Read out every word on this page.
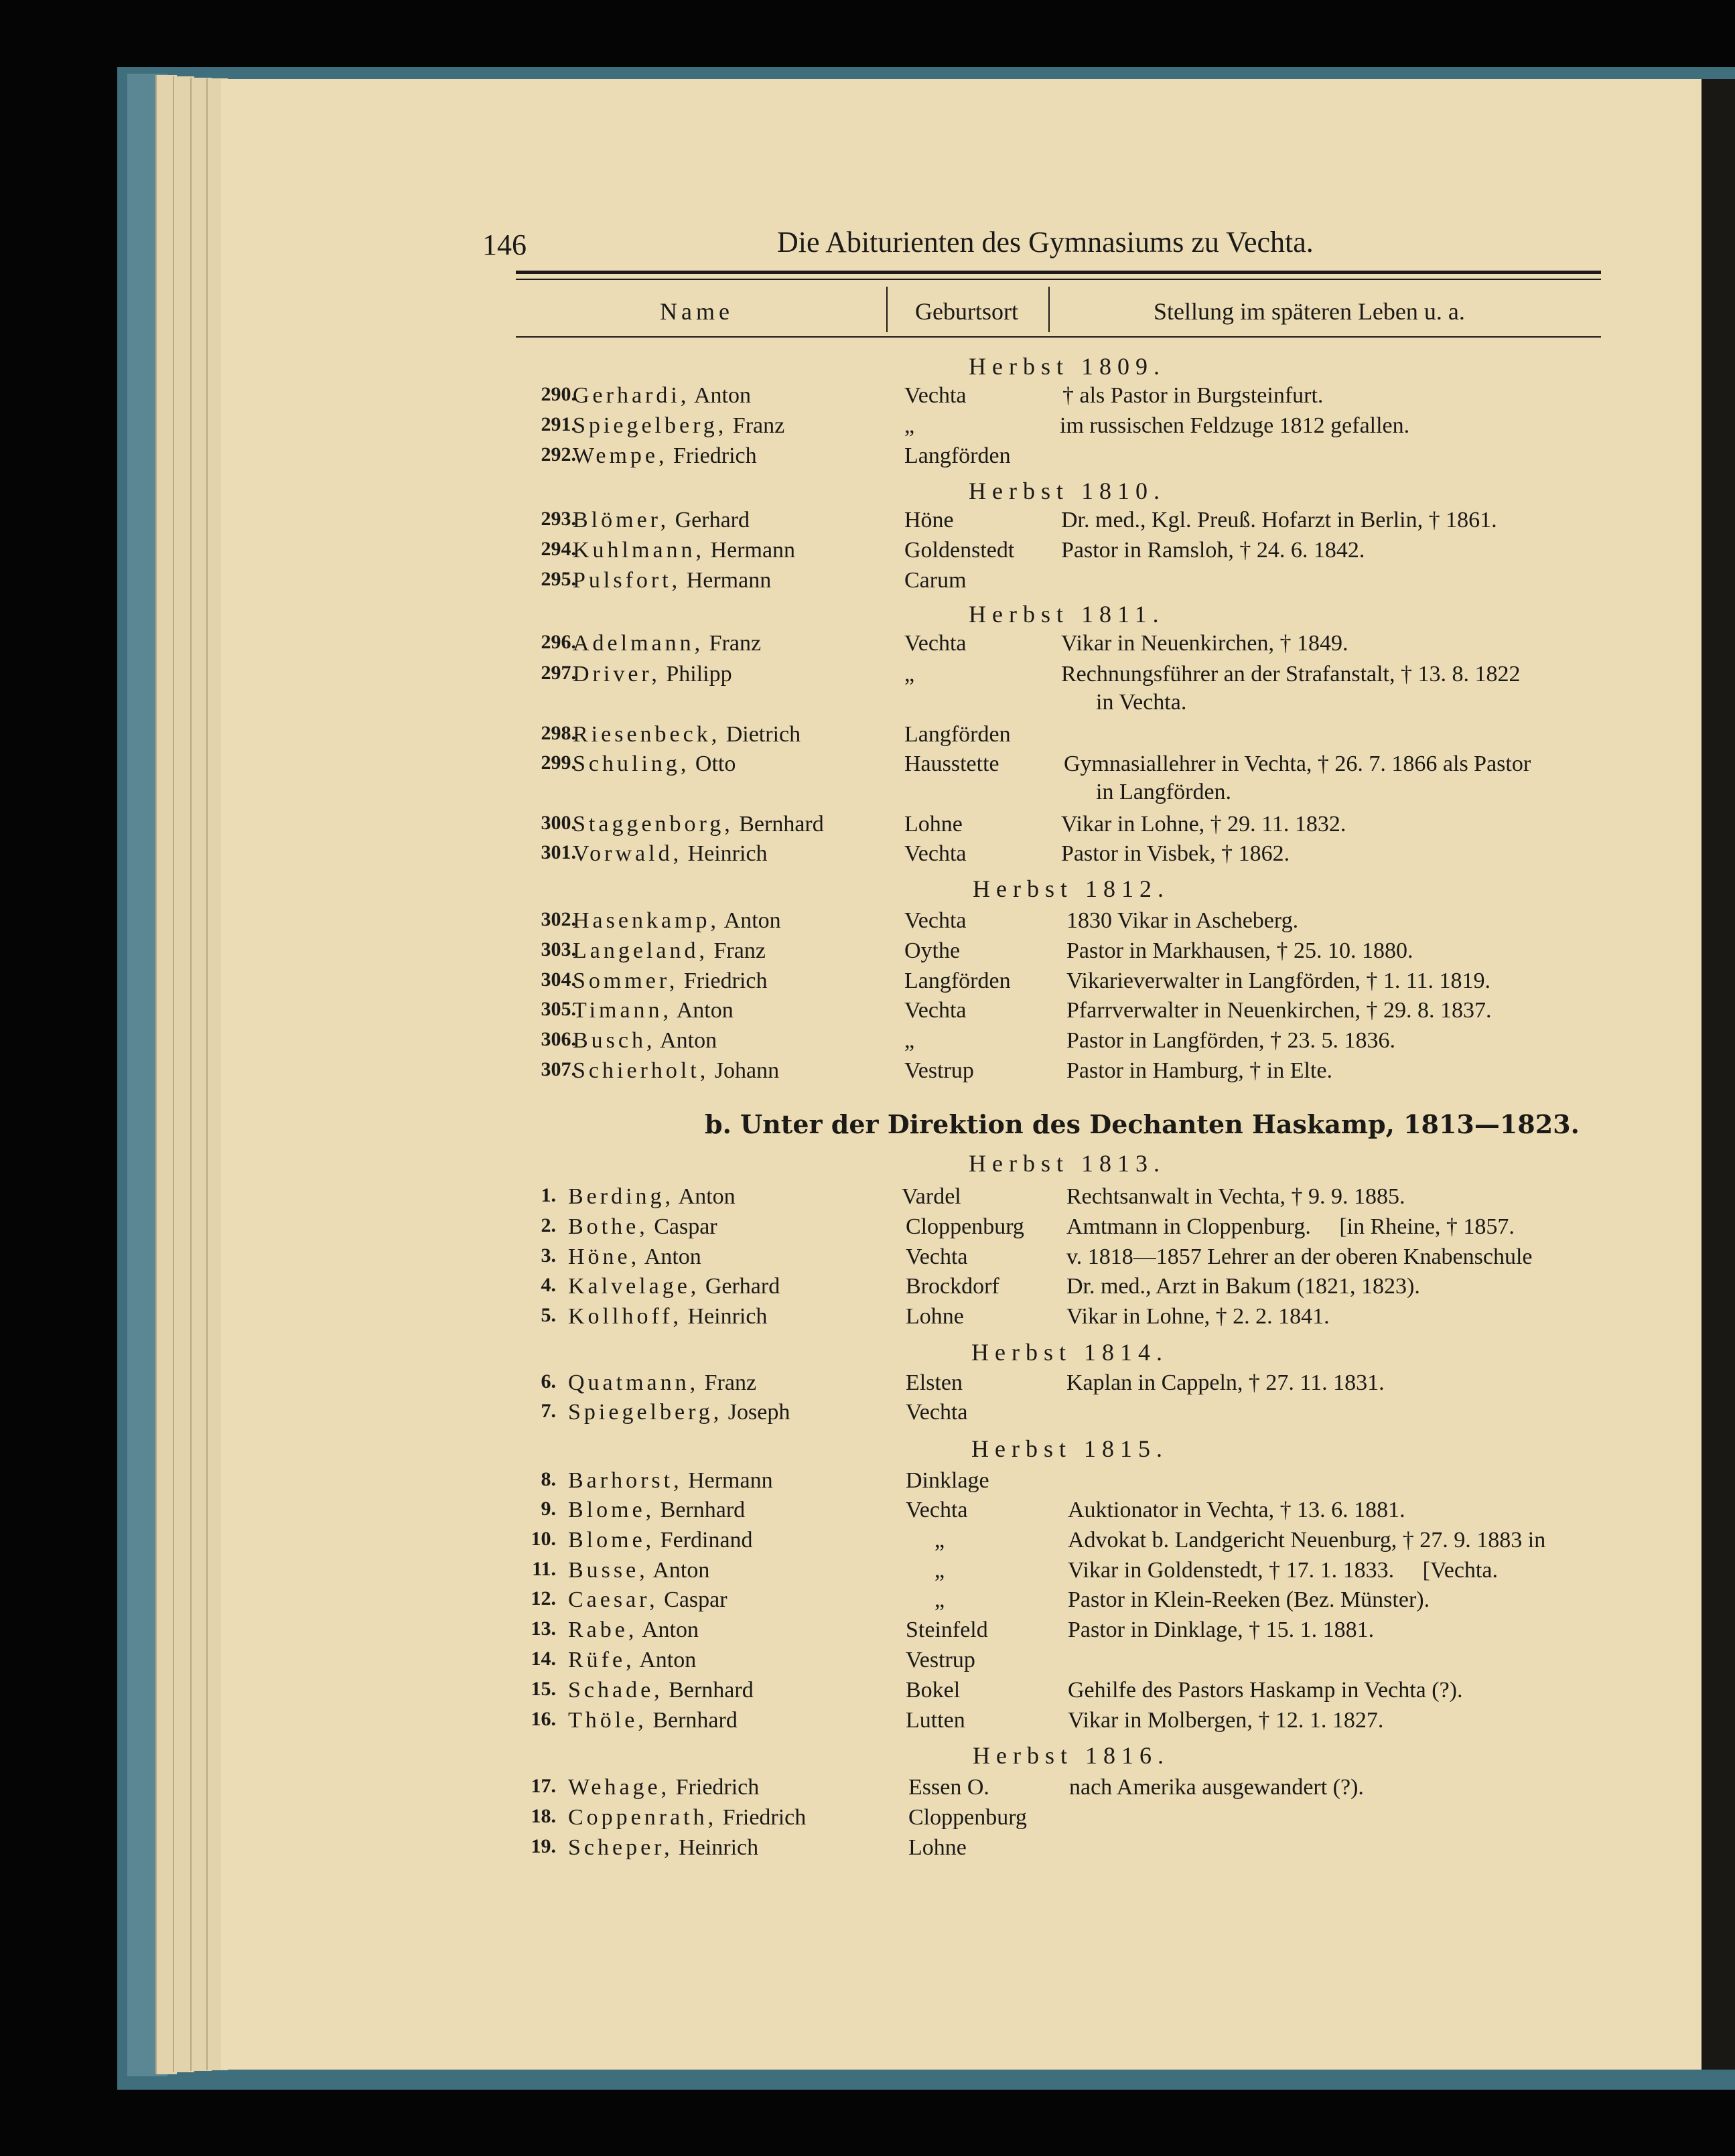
146	Die Abiturienten des Gymnasiums zu Vechta.
Name	Geburtsort	Stellung im späteren Leben u. a.
Herbst 1809.
290.
Gerhardi, Anton	Vechta	† als Pastor in Burgsteinfurt.
291.
Spiegelberg, Franz	„	im russischen Feldzuge 1812 gefallen.
292.
Wempe, Friedrich	Langförden
Herbst 1810.
293.
Blömer, Gerhard	Höne	Dr. med., Kgl. Preuß. Hofarzt in Berlin, † 1861.
294.
Kuhlmann, Hermann	Goldenstedt Pastor in Ramsloh, † 24. 6. 1842.
295.
Pulsfort, Hermann	Carum
Herbst 1811.
296.
Adelmann, Franz	Vechta	Vikar in Neuenkirchen, † 1849.
297.
Driver, Philipp	„	Rechnungsführer an der Strafanstalt, † 13. 8. 1822
in Vechta.
298.
Riesenbeck, Dietrich	Langförden
299.
Schuling, Otto	Hausstette	Gymnasiallehrer in Vechta, † 26. 7. 1866 als Pastor
in Langförden.
300.
Staggenborg, Bernhard	Lohne	Vikar in Lohne, † 29. 11. 1832.
301.
Vorwald, Heinrich	Vechta	Pastor in Visbek, † 1862.
Herbst 1812.
302.
Hasenkamp, Anton	Vechta	1830 Vikar in Ascheberg.
303.
Langeland, Franz	Oythe	Pastor in Markhausen, † 25. 10. 1880.
304.
Sommer, Friedrich	Langförden Vikarieverwalter in Langförden, † 1. 11. 1819.
305.
Timann, Anton	Vechta	Pfarrverwalter in Neuenkirchen, † 29. 8. 1837.
306.
Busch, Anton	„	Pastor in Langförden, † 23. 5. 1836.
307.
Schierholt, Johann	Vestrup	Pastor in Hamburg, † in Elte.
b. Unter der Direktion des Dechanten Haskamp, 1813—1823.
Herbst 1813.
1. Berding, Anton	Vardel	Rechtsanwalt in Vechta, † 9. 9. 1885.
2. Bothe, Caspar	Cloppenburg Amtmann in Cloppenburg.     [in Rheine, † 1857.
3. Höne, Anton	Vechta	v. 1818—1857 Lehrer an der oberen Knabenschule
4. Kalvelage, Gerhard	Brockdorf	Dr. med., Arzt in Bakum (1821, 1823).
5. Kollhoff, Heinrich	Lohne	Vikar in Lohne, † 2. 2. 1841.
Herbst 1814.
6. Quatmann, Franz	Elsten	Kaplan in Cappeln, † 27. 11. 1831.
7. Spiegelberg, Joseph	Vechta
Herbst 1815.
8. Barhorst, Hermann	Dinklage
9. Blome, Bernhard	Vechta	Auktionator in Vechta, † 13. 6. 1881.
10. Blome, Ferdinand	„	Advokat b. Landgericht Neuenburg, † 27. 9. 1883 in
11. Busse, Anton	„	Vikar in Goldenstedt, † 17. 1. 1833.     [Vechta.
12. Caesar, Caspar	„	Pastor in Klein-Reeken (Bez. Münster).
13. Rabe, Anton	Steinfeld	Pastor in Dinklage, † 15. 1. 1881.
14. Rüfe, Anton	Vestrup
15. Schade, Bernhard	Bokel	Gehilfe des Pastors Haskamp in Vechta (?).
16. Thöle, Bernhard	Lutten	Vikar in Molbergen, † 12. 1. 1827.
Herbst 1816.
17. Wehage, Friedrich	Essen O.	nach Amerika ausgewandert (?).
18. Coppenrath, Friedrich	Cloppenburg
19. Scheper, Heinrich	Lohne
